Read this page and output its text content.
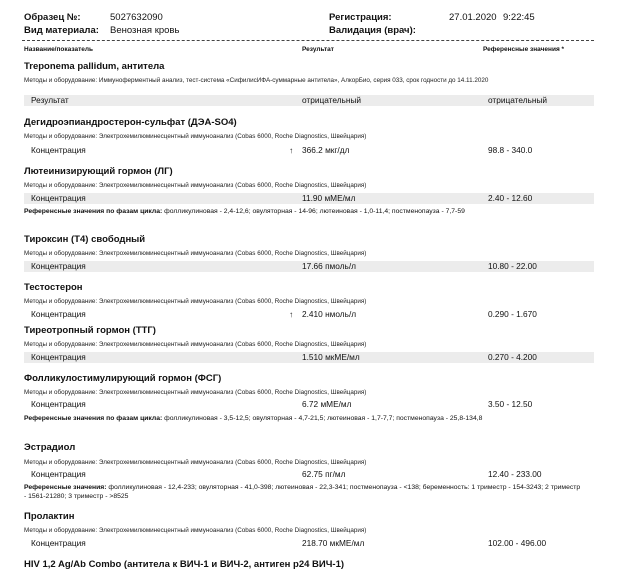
Образец №:	5027632090
Вид материала: Венозная кровь
Регистрация:	27.01.2020 9:22:45
Валидация (врач):
Название/показатель	Результат	Референсные значения *
Treponema pallidum, антитела
Методы и оборудование: Иммуноферментный анализ, тест-система «СифилисИФА-суммарные антитела», АлкорБио, серия 033, срок годности до 14.11.2020
Результат	отрицательный	отрицательный
Дегидроэпиандростерон-сульфат (ДЭА-SO4)
Методы и оборудование: Электрохемилюминесцентный иммуноанализ (Cobas 6000, Roche Diagnostics, Швейцария)
Концентрация	↑ 366.2 мкг/дл	98.8 - 340.0
Лютеинизирующий гормон (ЛГ)
Методы и оборудование: Электрохемилюминесцентный иммуноанализ (Cobas 6000, Roche Diagnostics, Швейцария)
Концентрация	11.90 мМЕ/мл	2.40 - 12.60
Референсные значения по фазам цикла: фолликулиновая - 2,4-12,6; овуляторная - 14-96; лютеиновая - 1,0-11,4; постменопауза - 7,7-59
Тироксин (Т4) свободный
Методы и оборудование: Электрохемилюминесцентный иммуноанализ (Cobas 6000, Roche Diagnostics, Швейцария)
Концентрация	17.66 пмоль/л	10.80 - 22.00
Тестостерон
Методы и оборудование: Электрохемилюминесцентный иммуноанализ (Cobas 6000, Roche Diagnostics, Швейцария)
Концентрация	↑ 2.410 нмоль/л	0.290 - 1.670
Тиреотропный гормон (ТТГ)
Методы и оборудование: Электрохемилюминесцентный иммуноанализ (Cobas 6000, Roche Diagnostics, Швейцария)
Концентрация	1.510 мкМЕ/мл	0.270 - 4.200
Фолликулостимулирующий гормон (ФСГ)
Методы и оборудование: Электрохемилюминесцентный иммуноанализ (Cobas 6000, Roche Diagnostics, Швейцария)
Концентрация	6.72 мМЕ/мл	3.50 - 12.50
Референсные значения по фазам цикла: фолликулиновая - 3,5-12,5; овуляторная - 4,7-21,5; лютеиновая - 1,7-7,7; постменопауза - 25,8-134,8
Эстрадиол
Методы и оборудование: Электрохемилюминесцентный иммуноанализ (Cobas 6000, Roche Diagnostics, Швейцария)
Концентрация	62.75 пг/мл	12.40 - 233.00
Референсные значения: фолликулиновая - 12,4-233; овуляторная - 41,0-398; лютеиновая - 22,3-341; постменопауза - <138; беременность: 1 триместр - 154-3243; 2 триместр - 1561-21280; 3 триместр - >8525
Пролактин
Методы и оборудование: Электрохемилюминесцентный иммуноанализ (Cobas 6000, Roche Diagnostics, Швейцария)
Концентрация	218.70 мкМЕ/мл	102.00 - 496.00
HIV 1,2 Ag/Ab Combo (антитела к ВИЧ-1 и ВИЧ-2, антиген р24 ВИЧ-1)
